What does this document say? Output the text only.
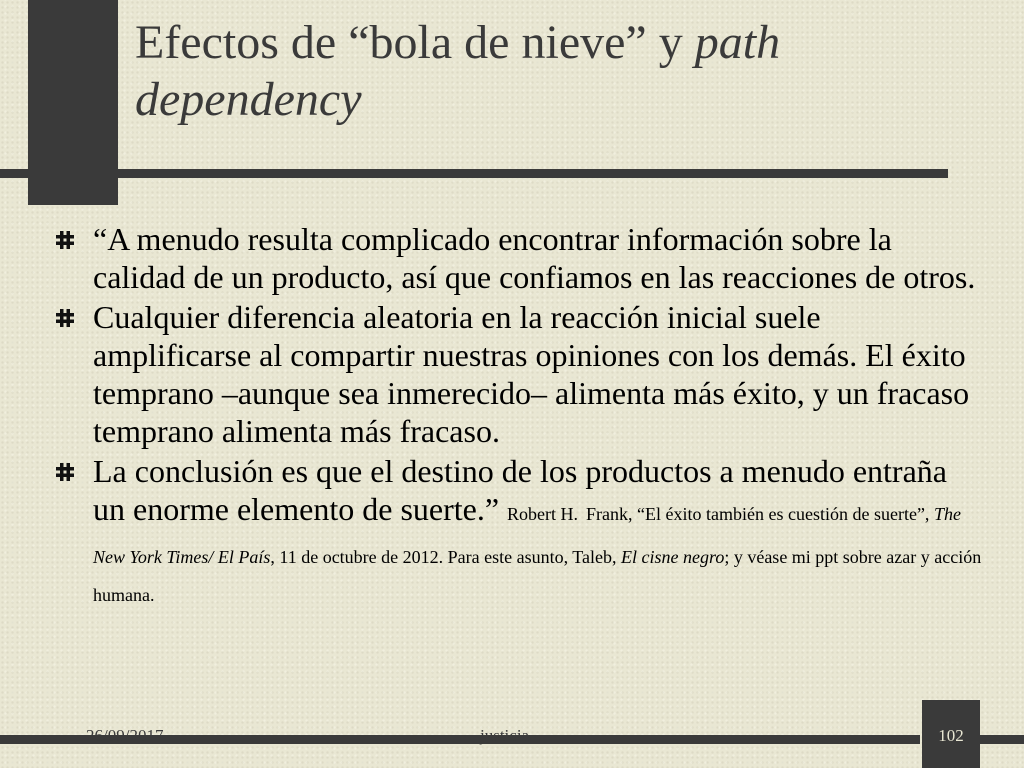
Efectos de “bola de nieve” y path dependency
“A menudo resulta complicado encontrar información sobre la calidad de un producto, así que confiamos en las reacciones de otros.
Cualquier diferencia aleatoria en la reacción inicial suele amplificarse al compartir nuestras opiniones con los demás. El éxito temprano –aunque sea inmerecido– alimenta más éxito, y un fracaso temprano alimenta más fracaso.
La conclusión es que el destino de los productos a menudo entraña un enorme elemento de suerte.” Robert H. Frank, “El éxito también es cuestión de suerte”, The New York Times/ El País, 11 de octubre de 2012. Para este asunto, Taleb, El cisne negro; y véase mi ppt sobre azar y acción humana.
26/09/2017	justicia	102
